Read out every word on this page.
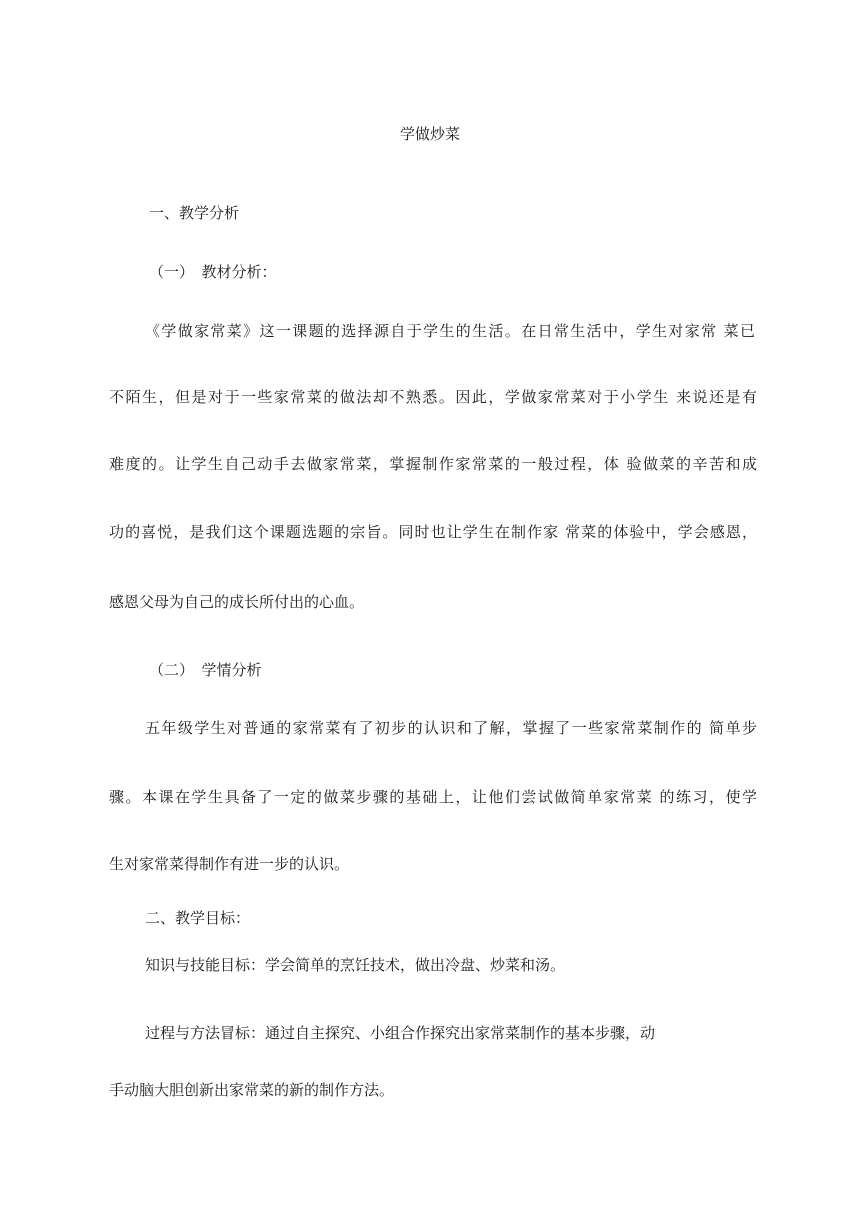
学做炒菜
一、教学分析
（一）　教材分析：
《学做家常菜》这一课题的选择源自于学生的生活。在日常生活中，学生对家常 菜已
不陌生，但是对于一些家常菜的做法却不熟悉。因此，学做家常菜对于小学生 来说还是有
难度的。让学生自己动手去做家常菜，掌握制作家常菜的一般过程，体 验做菜的辛苦和成
功的喜悦，是我们这个课题选题的宗旨。同时也让学生在制作家 常菜的体验中，学会感恩，
感恩父母为自己的成长所付出的心血。
（二）　学情分析
五年级学生对普通的家常菜有了初步的认识和了解，掌握了一些家常菜制作的 简单步
骤。本课在学生具备了一定的做菜步骤的基础上，让他们尝试做简单家常菜 的练习，使学
生对家常菜得制作有进一步的认识。
二、教学目标：
知识与技能目标：学会简单的烹饪技术，做出冷盘、炒菜和汤。
过程与方法冒标：通过自主探究、小组合作探究出家常菜制作的基本步骤，动
手动脑大胆创新出家常菜的新的制作方法。
